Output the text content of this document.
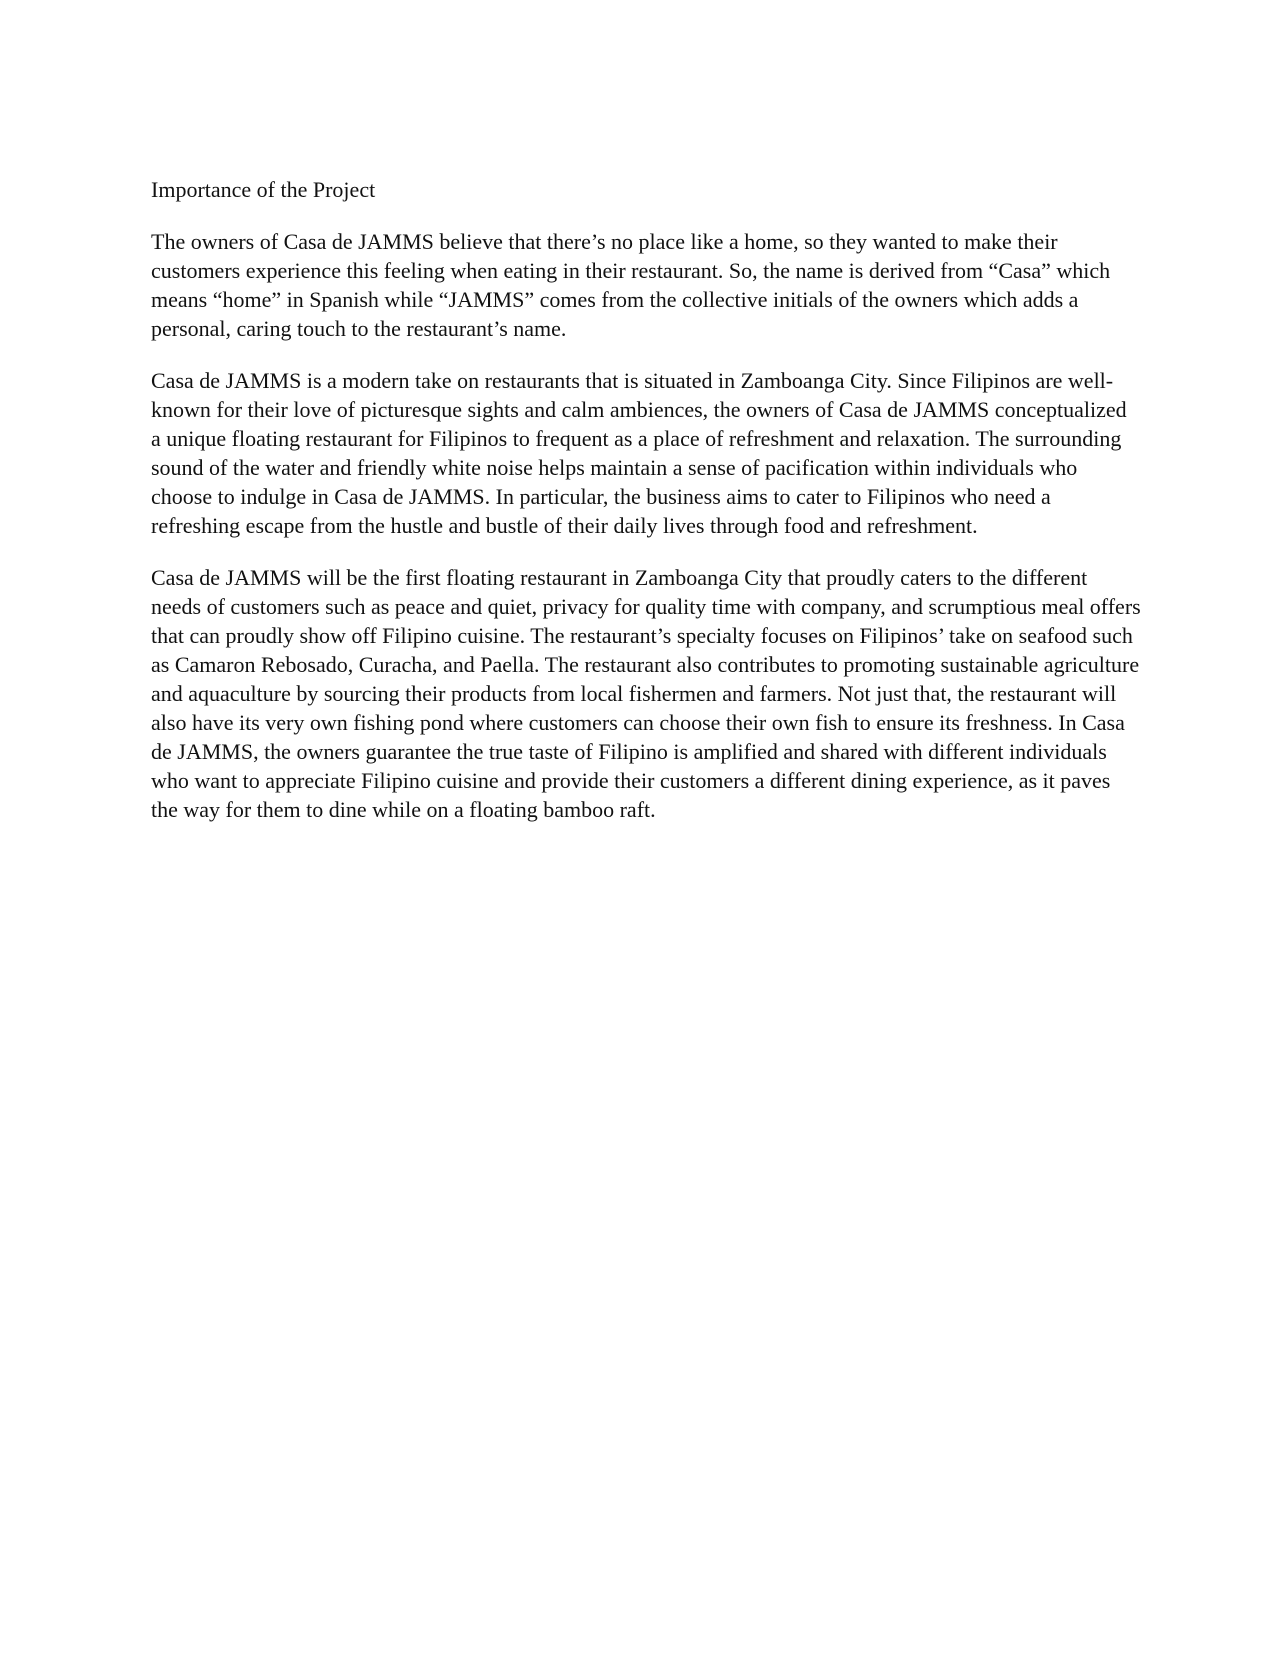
Importance of the Project

The owners of Casa de JAMMS believe that there’s no place like a home, so they wanted to make their customers experience this feeling when eating in their restaurant. So, the name is derived from “Casa” which means “home” in Spanish while “JAMMS” comes from the collective initials of the owners which adds a personal, caring touch to the restaurant’s name.

Casa de JAMMS is a modern take on restaurants that is situated in Zamboanga City. Since Filipinos are well-known for their love of picturesque sights and calm ambiences, the owners of Casa de JAMMS conceptualized a unique floating restaurant for Filipinos to frequent as a place of refreshment and relaxation. The surrounding sound of the water and friendly white noise helps maintain a sense of pacification within individuals who choose to indulge in Casa de JAMMS. In particular, the business aims to cater to Filipinos who need a refreshing escape from the hustle and bustle of their daily lives through food and refreshment.

Casa de JAMMS will be the first floating restaurant in Zamboanga City that proudly caters to the different needs of customers such as peace and quiet, privacy for quality time with company, and scrumptious meal offers that can proudly show off Filipino cuisine. The restaurant’s specialty focuses on Filipinos’ take on seafood such as Camaron Rebosado, Curacha, and Paella. The restaurant also contributes to promoting sustainable agriculture and aquaculture by sourcing their products from local fishermen and farmers. Not just that, the restaurant will also have its very own fishing pond where customers can choose their own fish to ensure its freshness. In Casa de JAMMS, the owners guarantee the true taste of Filipino is amplified and shared with different individuals who want to appreciate Filipino cuisine and provide their customers a different dining experience, as it paves the way for them to dine while on a floating bamboo raft.
